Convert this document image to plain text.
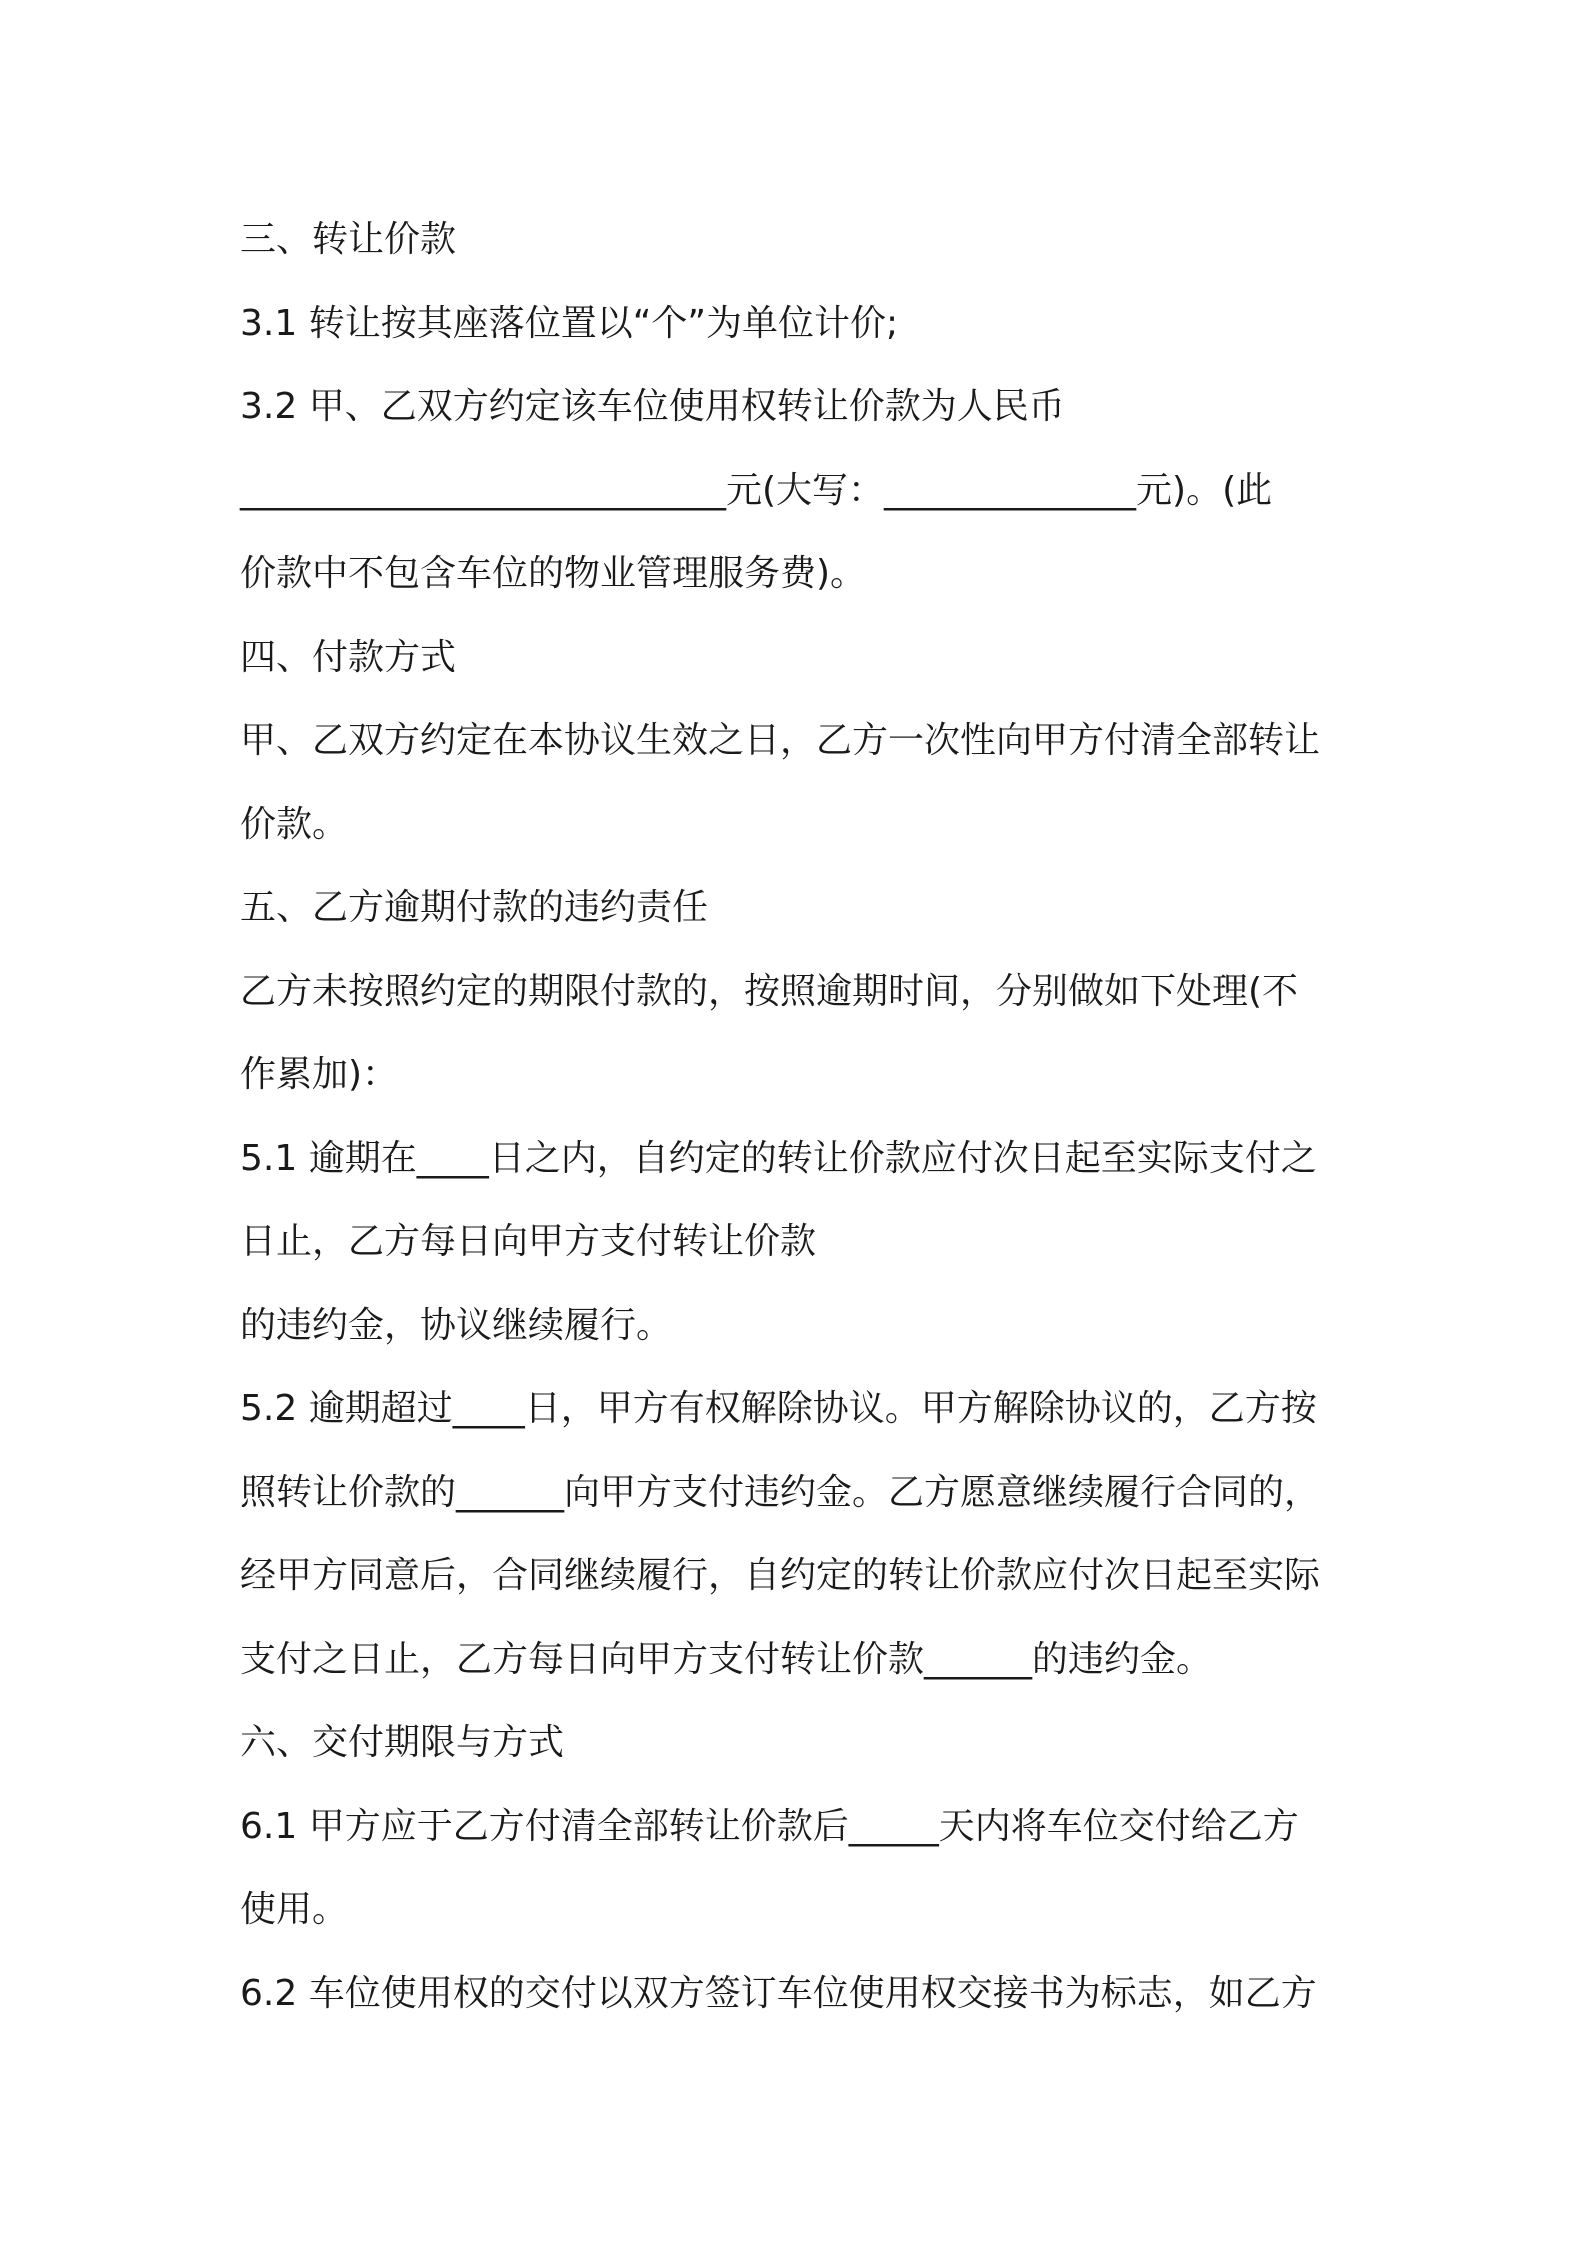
三、转让价款
3.1 转让按其座落位置以“个”为单位计价;
3.2 甲、乙双方约定该车位使用权转让价款为人民币
___________________________元(大写：______________元)。(此
价款中不包含车位的物业管理服务费)。
四、付款方式
甲、乙双方约定在本协议生效之日，乙方一次性向甲方付清全部转让
价款。
五、乙方逾期付款的违约责任
乙方未按照约定的期限付款的，按照逾期时间，分别做如下处理(不
作累加)：
5.1 逾期在____日之内，自约定的转让价款应付次日起至实际支付之
日止，乙方每日向甲方支付转让价款
的违约金，协议继续履行。
5.2 逾期超过____日，甲方有权解除协议。甲方解除协议的，乙方按
照转让价款的______向甲方支付违约金。乙方愿意继续履行合同的，
经甲方同意后，合同继续履行，自约定的转让价款应付次日起至实际
支付之日止，乙方每日向甲方支付转让价款______的违约金。
六、交付期限与方式
6.1 甲方应于乙方付清全部转让价款后_____天内将车位交付给乙方
使用。
6.2 车位使用权的交付以双方签订车位使用权交接书为标志，如乙方
